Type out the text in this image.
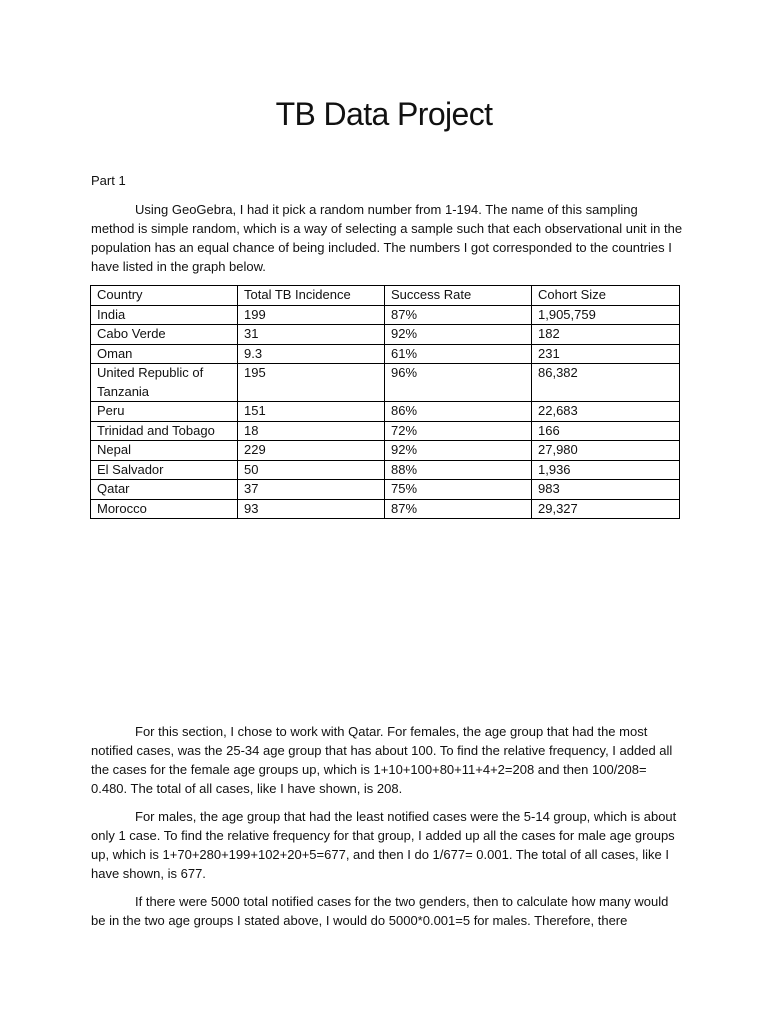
TB Data Project

Part 1

Using GeoGebra, I had it pick a random number from 1-194. The name of this sampling method is simple random, which is a way of selecting a sample such that each observational unit in the population has an equal chance of being included. The numbers I got corresponded to the countries I have listed in the graph below.

Country	Total TB Incidence	Success Rate	Cohort Size
India	199	87%	1,905,759
Cabo Verde	31	92%	182
Oman	9.3	61%	231
United Republic of Tanzania	195	96%	86,382
Peru	151	86%	22,683
Trinidad and Tobago	18	72%	166
Nepal	229	92%	27,980
El Salvador	50	88%	1,936
Qatar	37	75%	983
Morocco	93	87%	29,327

For this section, I chose to work with Qatar. For females, the age group that had the most notified cases, was the 25-34 age group that has about 100. To find the relative frequency, I added all the cases for the female age groups up, which is 1+10+100+80+11+4+2=208 and then 100/208= 0.480. The total of all cases, like I have shown, is 208.

For males, the age group that had the least notified cases were the 5-14 group, which is about only 1 case. To find the relative frequency for that group, I added up all the cases for male age groups up, which is 1+70+280+199+102+20+5=677, and then I do 1/677= 0.001. The total of all cases, like I have shown, is 677.

If there were 5000 total notified cases for the two genders, then to calculate how many would be in the two age groups I stated above, I would do 5000*0.001=5 for males. Therefore, there
